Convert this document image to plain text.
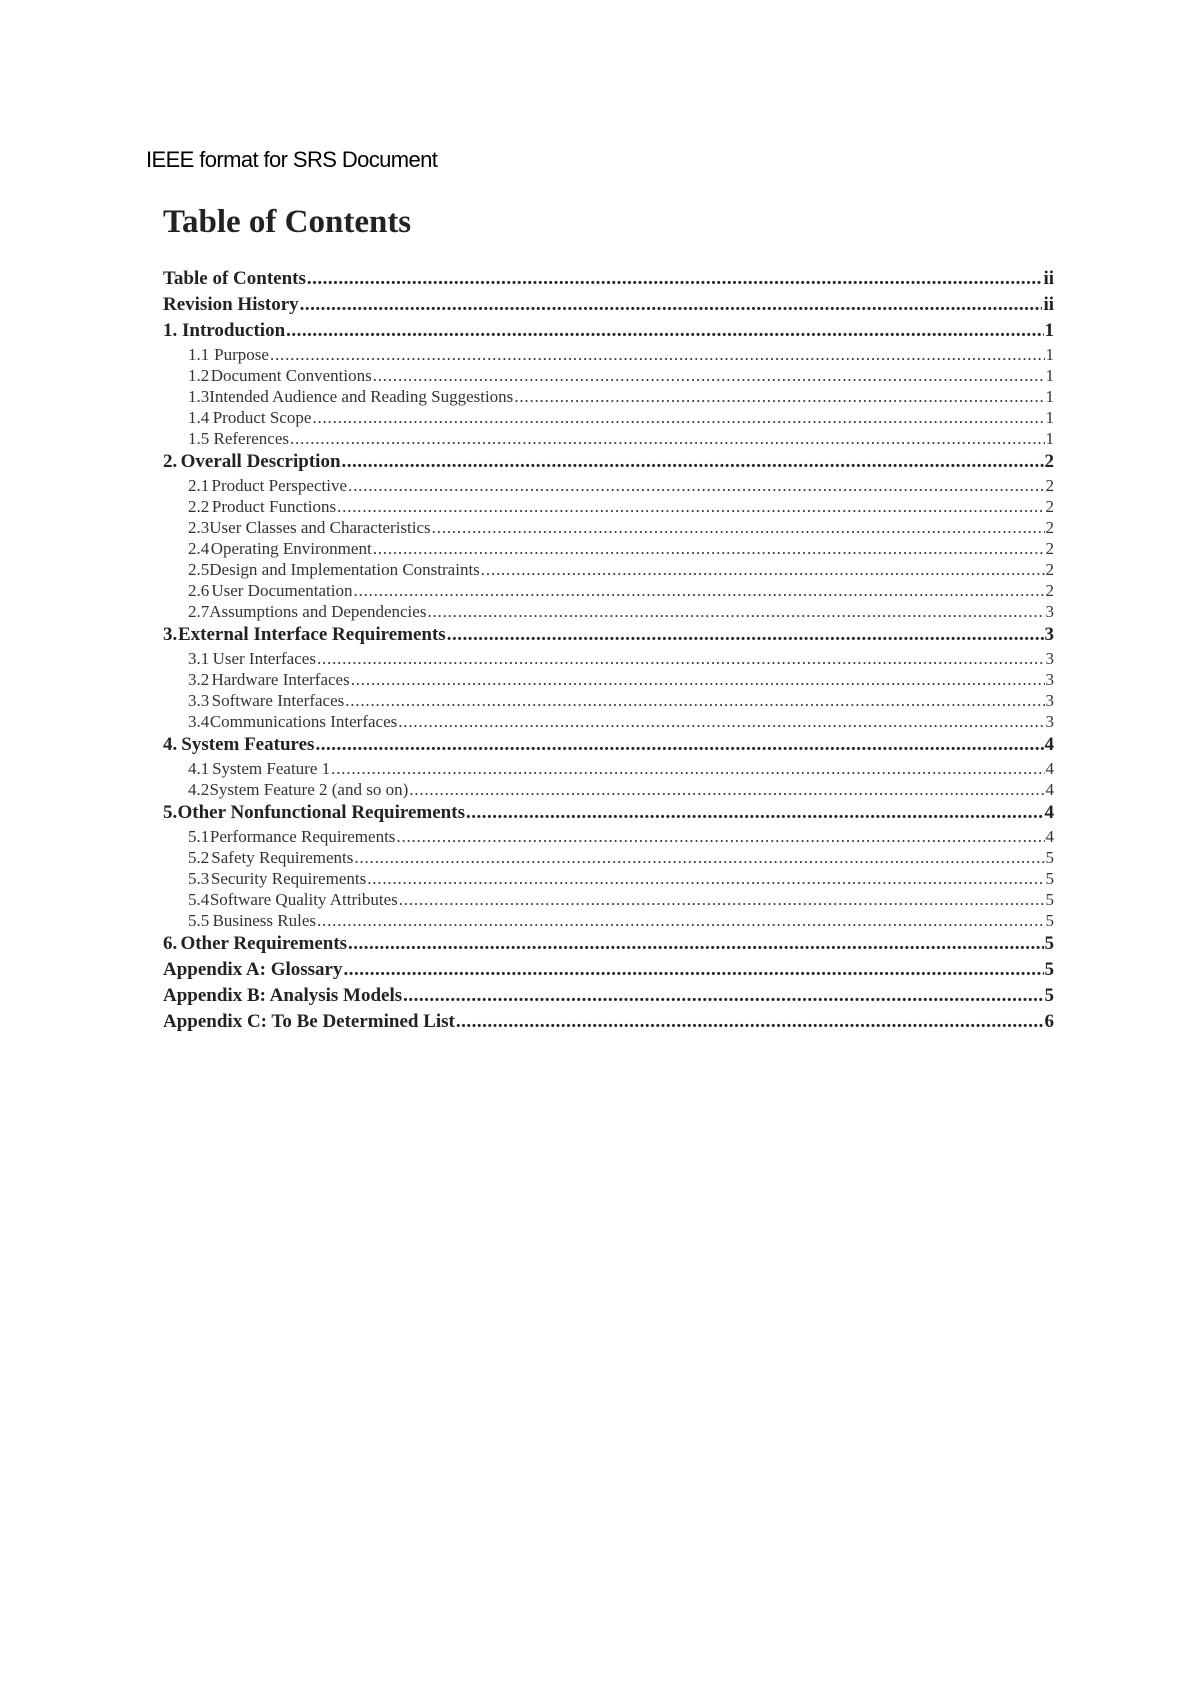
IEEE format for SRS Document
Table of Contents
Table of Contents .....	ii
Revision History .....	ii
1. Introduction .....	1
1.1 Purpose .....	1
1.2 Document Conventions .....	1
1.3 Intended Audience and Reading Suggestions .....	1
1.4 Product Scope .....	1
1.5 References .....	1
2. Overall Description .....	2
2.1 Product Perspective .....	2
2.2 Product Functions .....	2
2.3 User Classes and Characteristics .....	2
2.4 Operating Environment .....	2
2.5 Design and Implementation Constraints .....	2
2.6 User Documentation .....	2
2.7 Assumptions and Dependencies .....	3
3. External Interface Requirements .....	3
3.1 User Interfaces .....	3
3.2 Hardware Interfaces .....	3
3.3 Software Interfaces .....	3
3.4 Communications Interfaces .....	3
4. System Features .....	4
4.1 System Feature 1 .....	4
4.2 System Feature 2 (and so on) .....	4
5. Other Nonfunctional Requirements .....	4
5.1 Performance Requirements .....	4
5.2 Safety Requirements .....	5
5.3 Security Requirements .....	5
5.4 Software Quality Attributes .....	5
5.5 Business Rules .....	5
6. Other Requirements .....	5
Appendix A: Glossary .....	5
Appendix B: Analysis Models .....	5
Appendix C: To Be Determined List .....	6
